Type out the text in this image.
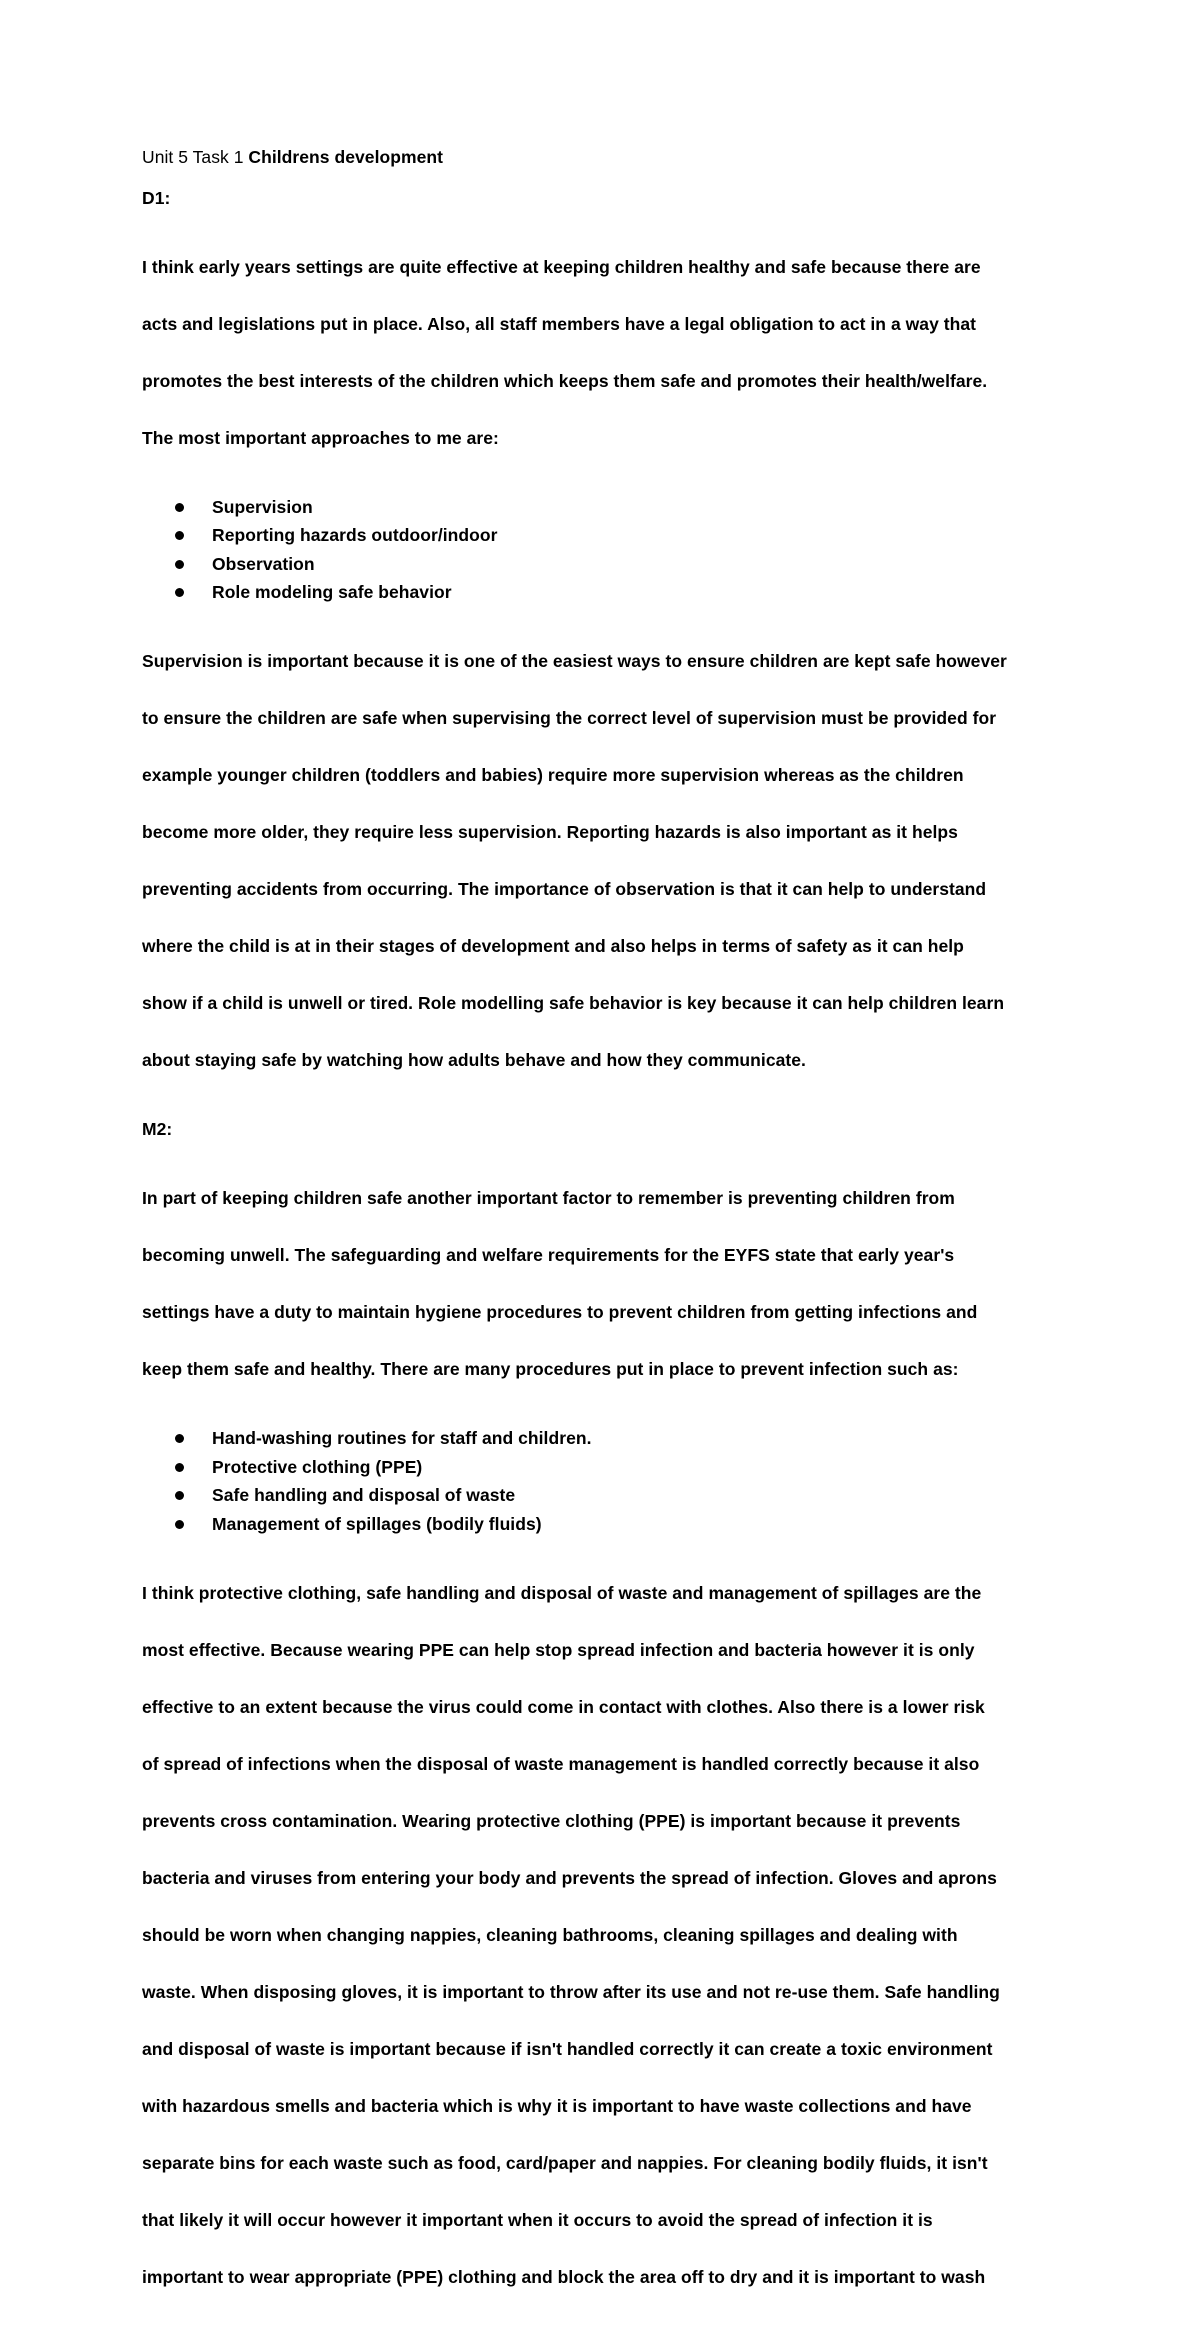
Unit 5 Task 1 Childrens development
D1:

I think early years settings are quite effective at keeping children healthy and safe because there are

acts and legislations put in place. Also, all staff members have a legal obligation to act in a way that

promotes the best interests of the children which keeps them safe and promotes their health/welfare.

The most important approaches to me are:

Supervision
Reporting hazards outdoor/indoor
Observation
Role modeling safe behavior

Supervision is important because it is one of the easiest ways to ensure children are kept safe however

to ensure the children are safe when supervising the correct level of supervision must be provided for

example younger children (toddlers and babies) require more supervision whereas as the children

become more older, they require less supervision. Reporting hazards is also important as it helps

preventing accidents from occurring. The importance of observation is that it can help to understand

where the child is at in their stages of development and also helps in terms of safety as it can help

show if a child is unwell or tired. Role modelling safe behavior is key because it can help children learn

about staying safe by watching how adults behave and how they communicate.

M2:

In part of keeping children safe another important factor to remember is preventing children from

becoming unwell. The safeguarding and welfare requirements for the EYFS state that early year's

settings have a duty to maintain hygiene procedures to prevent children from getting infections and

keep them safe and healthy. There are many procedures put in place to prevent infection such as:

Hand-washing routines for staff and children.
Protective clothing (PPE)
Safe handling and disposal of waste
Management of spillages (bodily fluids)

I think protective clothing, safe handling and disposal of waste and management of spillages are the

most effective. Because wearing PPE can help stop spread infection and bacteria however it is only

effective to an extent because the virus could come in contact with clothes. Also there is a lower risk

of spread of infections when the disposal of waste management is handled correctly because it also

prevents cross contamination. Wearing protective clothing (PPE) is important because it prevents

bacteria and viruses from entering your body and prevents the spread of infection. Gloves and aprons

should be worn when changing nappies, cleaning bathrooms, cleaning spillages and dealing with

waste. When disposing gloves, it is important to throw after its use and not re-use them. Safe handling

and disposal of waste is important because if isn't handled correctly it can create a toxic environment

with hazardous smells and bacteria which is why it is important to have waste collections and have

separate bins for each waste such as food, card/paper and nappies. For cleaning bodily fluids, it isn't

that likely it will occur however it important when it occurs to avoid the spread of infection it is

important to wear appropriate (PPE) clothing and block the area off to dry and it is important to wash
